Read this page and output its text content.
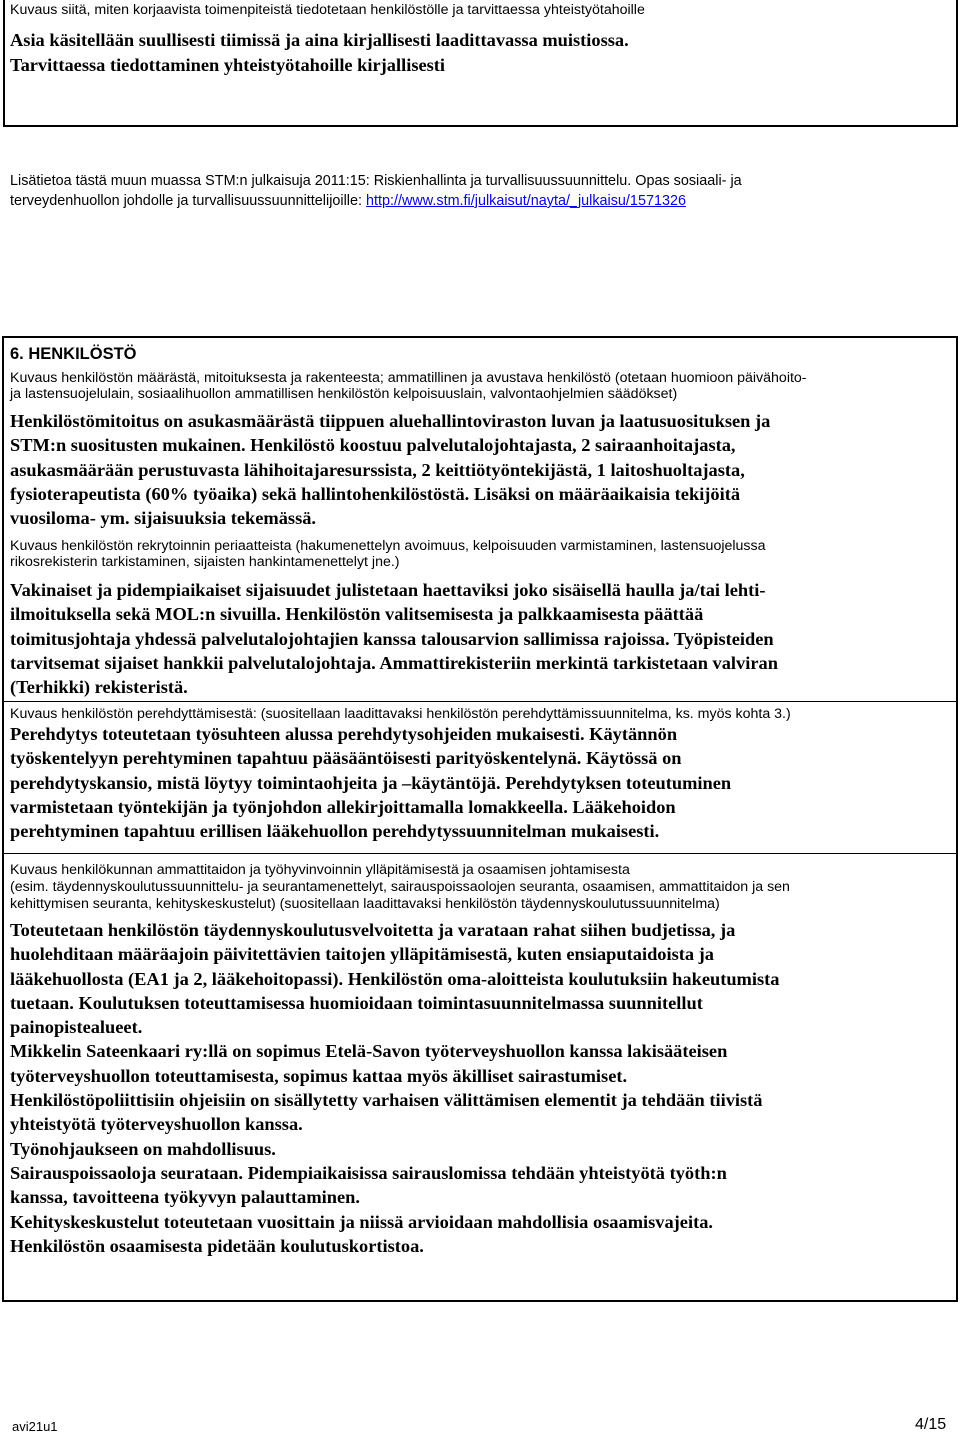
Kuvaus siitä, miten korjaavista toimenpiteistä tiedotetaan henkilöstölle ja tarvittaessa yhteistyötahoille
Asia käsitellään suullisesti tiimissä ja aina kirjallisesti laadittavassa muistiossa.
Tarvittaessa tiedottaminen yhteistyötahoille kirjallisesti
Lisätietoa tästä muun muassa STM:n julkaisuja 2011:15: Riskienhallinta ja turvallisuussuunnittelu. Opas sosiaali- ja
terveydenhuollon johdolle ja turvallisuussuunnittelijoille: http://www.stm.fi/julkaisut/nayta/_julkaisu/1571326
6. HENKILÖSTÖ
Kuvaus henkilöstön määrästä, mitoituksesta ja rakenteesta; ammatillinen ja avustava henkilöstö (otetaan huomioon päivähoito-
ja lastensuojelulain, sosiaalihuollon ammatillisen henkilöstön kelpoisuuslain, valvontaohjelmien säädökset)
Henkilöstömitoitus on asukasmäärästä tiippuen aluehallintoviraston luvan ja laatusuosituksen ja
STM:n suositusten mukainen. Henkilöstö koostuu palvelutalojohtajasta, 2 sairaanhoitajasta,
asukasmäärään perustuvasta lähihoitajaresurssista, 2 keittiötyöntekijästä, 1 laitoshuoltajasta,
fysioterapeutista (60% työaika) sekä hallintohenkilöstöstä. Lisäksi on määräaikaisia tekijöitä
vuosiloma- ym. sijaisuuksia tekemässä.
Kuvaus henkilöstön rekrytoinnin periaatteista (hakumenettelyn avoimuus, kelpoisuuden varmistaminen, lastensuojelussa
rikosrekisterin tarkistaminen, sijaisten hankintamenettelyt jne.)
Vakinaiset ja pidempiaikaiset sijaisuudet julistetaan haettaviksi joko sisäisellä haulla ja/tai lehti-
ilmoituksella sekä MOL:n sivuilla. Henkilöstön valitsemisesta ja palkkaamisesta päättää
toimitusjohtaja yhdessä palvelutalojohtajien kanssa talousarvion sallimissa rajoissa. Työpisteiden
tarvitsemat sijaiset hankkii palvelutalojohtaja. Ammattirekisteriin merkintä tarkistetaan valviran
(Terhikki) rekisteristä.
Kuvaus henkilöstön perehdyttämisestä: (suositellaan laadittavaksi henkilöstön perehdyttämissuunnitelma, ks. myös kohta 3.)
Perehdytys toteutetaan työsuhteen alussa perehdytysohjeiden mukaisesti. Käytännön
työskentelyyn perehtyminen tapahtuu pääsääntöisesti parityöskentelynä. Käytössä on
perehdytyskansio, mistä löytyy toimintaohjeita ja –käytäntöjä. Perehdytyksen toteutuminen
varmistetaan työntekijän ja työnjohdon allekirjoittamalla lomakkeella. Lääkehoidon
perehtyminen tapahtuu erillisen lääkehuollon perehdytyssuunnitelman mukaisesti.
Kuvaus henkilökunnan ammattitaidon ja työhyvinvoinnin ylläpitämisestä ja osaamisen johtamisesta
(esim. täydennyskoulutussuunnittelu- ja seurantamenettelyt, sairauspoissaolojen seuranta, osaamisen, ammattitaidon ja sen
kehittymisen seuranta, kehityskeskustelut) (suositellaan laadittavaksi henkilöstön täydennyskoulutussuunnitelma)
Toteutetaan henkilöstön täydennyskoulutusvelvoitetta ja varataan rahat siihen budjetissa, ja
huolehditaan määräajoin päivitettävien taitojen ylläpitämisestä, kuten ensiaputaidoista ja
lääkehuollosta (EA1 ja 2, lääkehoitopassi). Henkilöstön oma-aloitteista koulutuksiin hakeutumista
tuetaan. Koulutuksen toteuttamisessa huomioidaan toimintasuunnitelmassa suunnitellut
painopistealueet.
Mikkelin Sateenkaari ry:llä on sopimus Etelä-Savon työterveyshuollon kanssa lakisääteisen
työterveyshuollon toteuttamisesta, sopimus kattaa myös äkilliset sairastumiset.
Henkilöstöpoliittisiin ohjeisiin on sisällytetty varhaisen välittämisen elementit ja tehdään tiivistä
yhteistyötä työterveyshuollon kanssa.
Työnohjaukseen on mahdollisuus.
Sairauspoissaoloja seurataan. Pidempiaikaisissa sairauslomissa tehdään yhteistyötä työth:n
kanssa, tavoitteena työkyvyn palauttaminen.
Kehityskeskustelut toteutetaan vuosittain ja niissä arvioidaan mahdollisia osaamisvajeita.
Henkilöstön osaamisesta pidetään koulutuskortistoa.
avi21u1	4/15
